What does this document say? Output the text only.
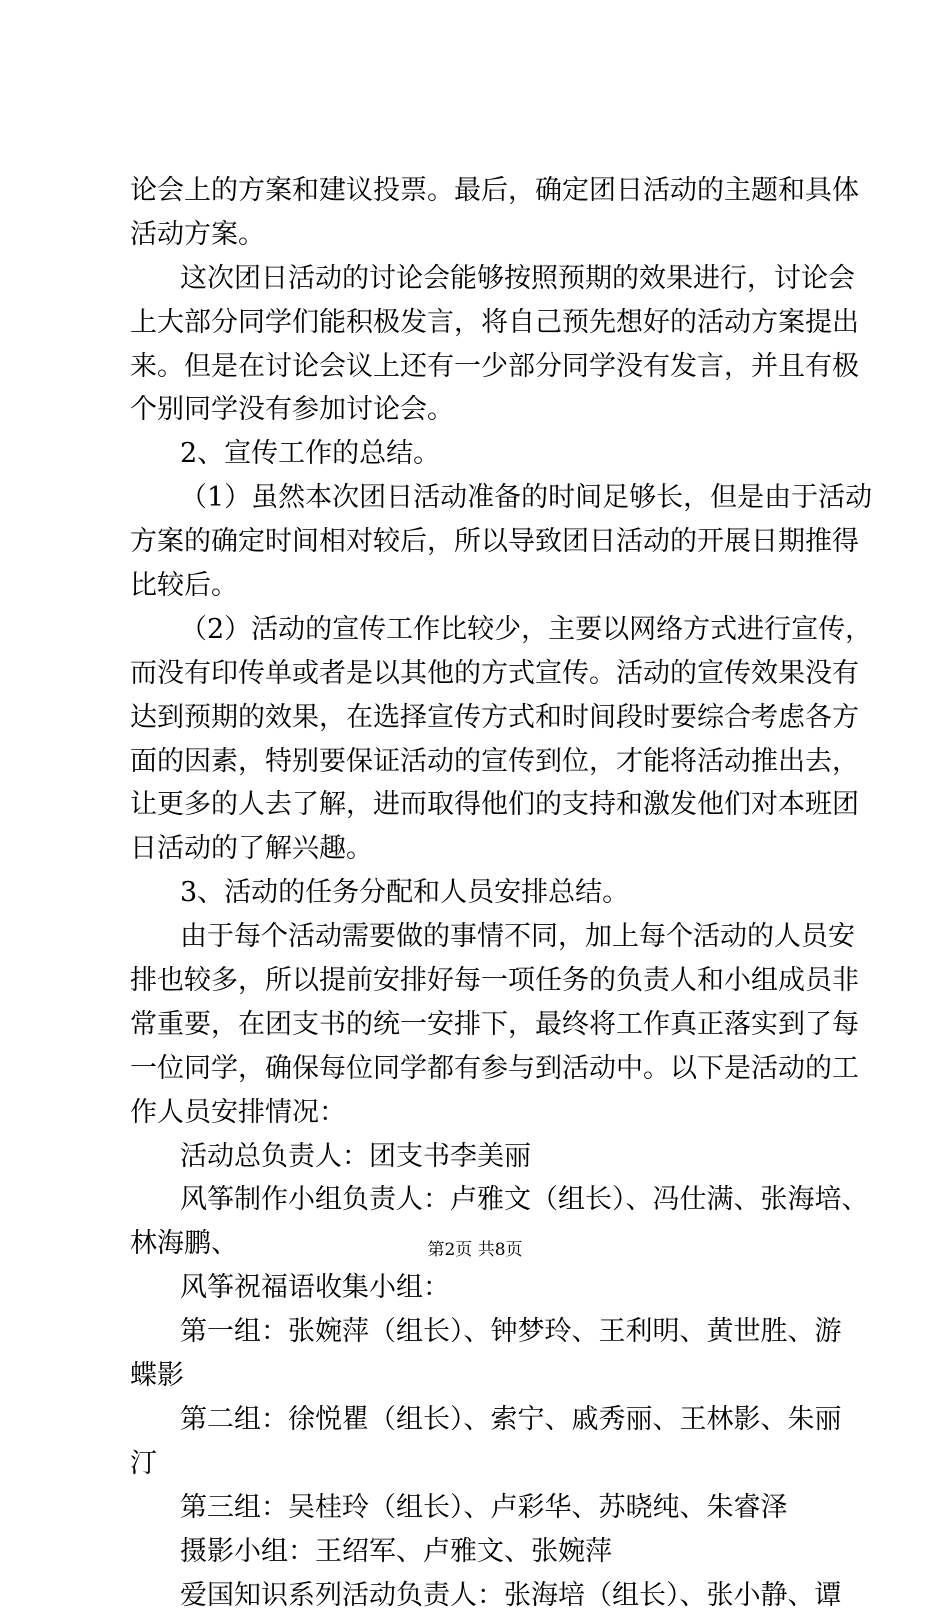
论会上的方案和建议投票。最后，确定团日活动的主题和具体
活动方案。
这次团日活动的讨论会能够按照预期的效果进行，讨论会
上大部分同学们能积极发言，将自己预先想好的活动方案提出
来。但是在讨论会议上还有一少部分同学没有发言，并且有极
个别同学没有参加讨论会。
2、宣传工作的总结。
（1）虽然本次团日活动准备的时间足够长，但是由于活动
方案的确定时间相对较后，所以导致团日活动的开展日期推得
比较后。
（2）活动的宣传工作比较少，主要以网络方式进行宣传，
而没有印传单或者是以其他的方式宣传。活动的宣传效果没有
达到预期的效果，在选择宣传方式和时间段时要综合考虑各方
面的因素，特别要保证活动的宣传到位，才能将活动推出去，
让更多的人去了解，进而取得他们的支持和激发他们对本班团
日活动的了解兴趣。
3、活动的任务分配和人员安排总结。
由于每个活动需要做的事情不同，加上每个活动的人员安
排也较多，所以提前安排好每一项任务的负责人和小组成员非
常重要，在团支书的统一安排下，最终将工作真正落实到了每
一位同学，确保每位同学都有参与到活动中。以下是活动的工
作人员安排情况：
活动总负责人：团支书李美丽
风筝制作小组负责人：卢雅文（组长）、冯仕满、张海培、
林海鹏、
风筝祝福语收集小组：
第一组：张婉萍（组长）、钟梦玲、王利明、黄世胜、游
蝶影
第二组：徐悦瞿（组长）、索宁、戚秀丽、王林影、朱丽
汀
第三组：吴桂玲（组长）、卢彩华、苏晓纯、朱睿泽
摄影小组：王绍军、卢雅文、张婉萍
爱国知识系列活动负责人：张海培（组长）、张小静、谭
第2页 共8页
